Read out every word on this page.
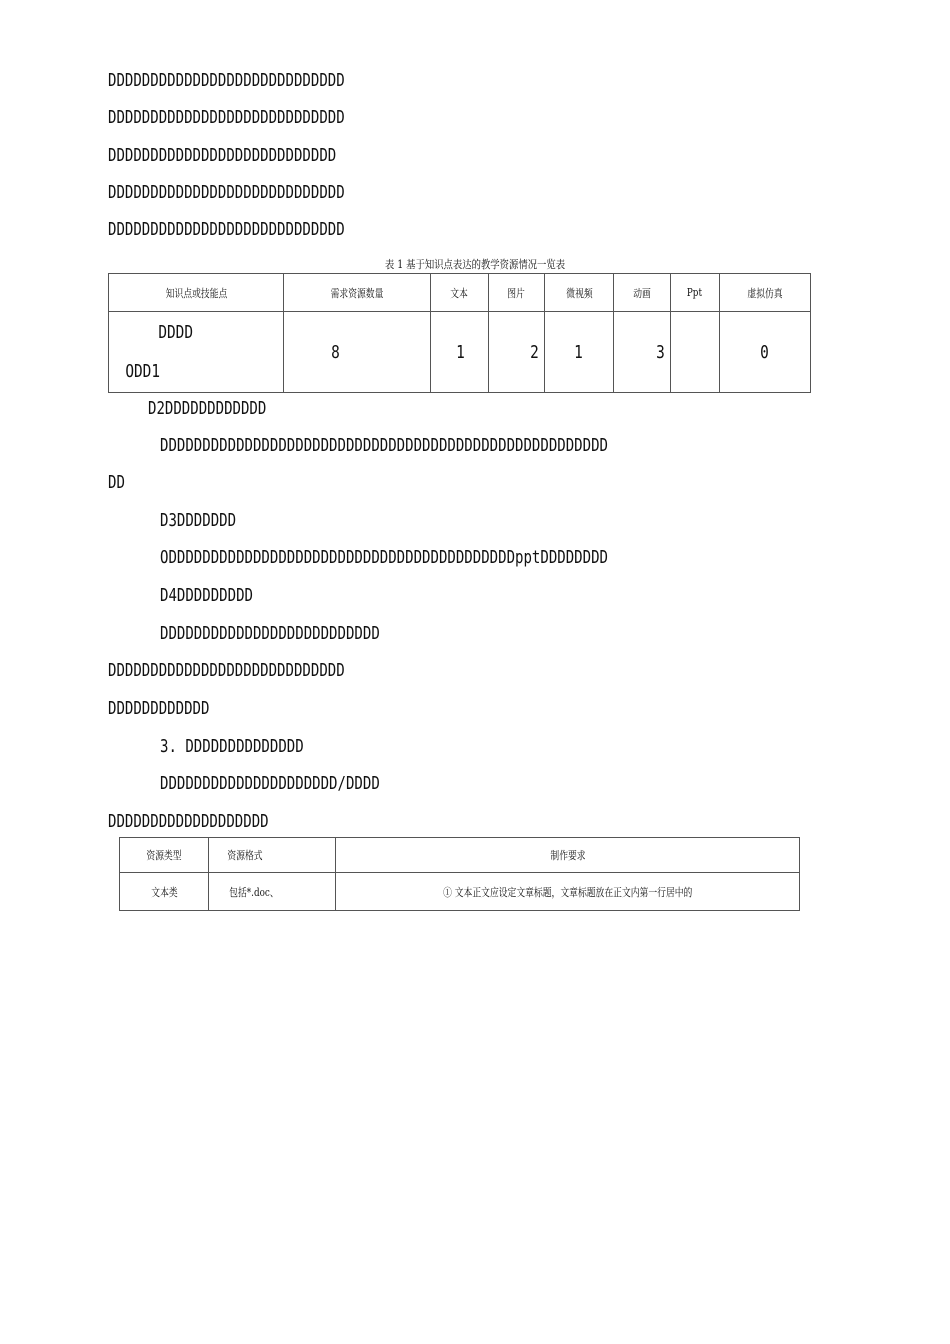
DDDDDDDDDDDDDDDDDDDDDDDDDDDD
DDDDDDDDDDDDDDDDDDDDDDDDDDDD
DDDDDDDDDDDDDDDDDDDDDDDDDDD
DDDDDDDDDDDDDDDDDDDDDDDDDDDD
DDDDDDDDDDDDDDDDDDDDDDDDDDDD
表 1 基于知识点表达的教学资源情况一览表
知识点或技能点	需求资源数量	文本	图片	微视频	动画	Ppt	虚拟仿真

DDDD
ODD1	8	1	2	1	3		0
D2DDDDDDDDDDDD
DDDDDDDDDDDDDDDDDDDDDDDDDDDDDDDDDDDDDDDDDDDDDDDDDDDDD
DD
D3DDDDDDD
ODDDDDDDDDDDDDDDDDDDDDDDDDDDDDDDDDDDDDDDDDpptDDDDDDDD
D4DDDDDDDDD
DDDDDDDDDDDDDDDDDDDDDDDDDD
DDDDDDDDDDDDDDDDDDDDDDDDDDDD
DDDDDDDDDDDD
3. DDDDDDDDDDDDDD
DDDDDDDDDDDDDDDDDDDDD/DDDD
DDDDDDDDDDDDDDDDDDD
资源类型	资源格式	制作要求
文本类	包括*.doc、	① 文本正文应设定文章标题，文章标题放在正文内第一行居中的
